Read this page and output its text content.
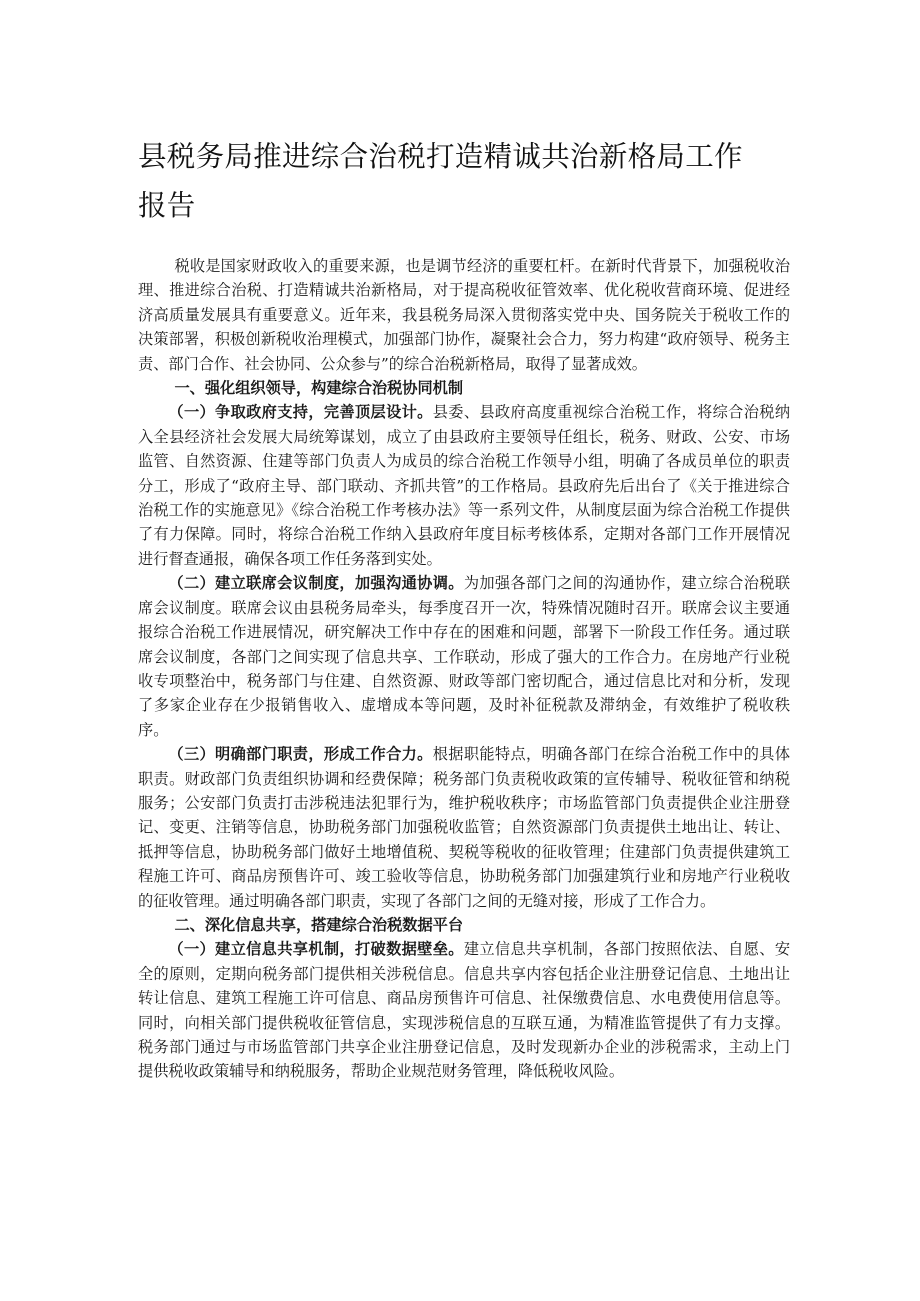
县税务局推进综合治税打造精诚共治新格局工作报告

税收是国家财政收入的重要来源，也是调节经济的重要杠杆。在新时代背景下，加强税收治理、推进综合治税、打造精诚共治新格局，对于提高税收征管效率、优化税收营商环境、促进经济高质量发展具有重要意义。近年来，我县税务局深入贯彻落实党中央、国务院关于税收工作的决策部署，积极创新税收治理模式，加强部门协作，凝聚社会合力，努力构建“政府领导、税务主责、部门合作、社会协同、公众参与”的综合治税新格局，取得了显著成效。

一、强化组织领导，构建综合治税协同机制

（一）争取政府支持，完善顶层设计。县委、县政府高度重视综合治税工作，将综合治税纳入全县经济社会发展大局统筹谋划，成立了由县政府主要领导任组长，税务、财政、公安、市场监管、自然资源、住建等部门负责人为成员的综合治税工作领导小组，明确了各成员单位的职责分工，形成了“政府主导、部门联动、齐抓共管”的工作格局。县政府先后出台了《关于推进综合治税工作的实施意见》《综合治税工作考核办法》等一系列文件，从制度层面为综合治税工作提供了有力保障。同时，将综合治税工作纳入县政府年度目标考核体系，定期对各部门工作开展情况进行督查通报，确保各项工作任务落到实处。

（二）建立联席会议制度，加强沟通协调。为加强各部门之间的沟通协作，建立综合治税联席会议制度。联席会议由县税务局牵头，每季度召开一次，特殊情况随时召开。联席会议主要通报综合治税工作进展情况，研究解决工作中存在的困难和问题，部署下一阶段工作任务。通过联席会议制度，各部门之间实现了信息共享、工作联动，形成了强大的工作合力。在房地产行业税收专项整治中，税务部门与住建、自然资源、财政等部门密切配合，通过信息比对和分析，发现了多家企业存在少报销售收入、虚增成本等问题，及时补征税款及滞纳金，有效维护了税收秩序。

（三）明确部门职责，形成工作合力。根据职能特点，明确各部门在综合治税工作中的具体职责。财政部门负责组织协调和经费保障；税务部门负责税收政策的宣传辅导、税收征管和纳税服务；公安部门负责打击涉税违法犯罪行为，维护税收秩序；市场监管部门负责提供企业注册登记、变更、注销等信息，协助税务部门加强税收监管；自然资源部门负责提供土地出让、转让、抵押等信息，协助税务部门做好土地增值税、契税等税收的征收管理；住建部门负责提供建筑工程施工许可、商品房预售许可、竣工验收等信息，协助税务部门加强建筑行业和房地产行业税收的征收管理。通过明确各部门职责，实现了各部门之间的无缝对接，形成了工作合力。

二、深化信息共享，搭建综合治税数据平台

（一）建立信息共享机制，打破数据壁垒。建立信息共享机制，各部门按照依法、自愿、安全的原则，定期向税务部门提供相关涉税信息。信息共享内容包括企业注册登记信息、土地出让转让信息、建筑工程施工许可信息、商品房预售许可信息、社保缴费信息、水电费使用信息等。同时，向相关部门提供税收征管信息，实现涉税信息的互联互通，为精准监管提供了有力支撑。税务部门通过与市场监管部门共享企业注册登记信息，及时发现新办企业的涉税需求，主动上门提供税收政策辅导和纳税服务，帮助企业规范财务管理，降低税收风险。
